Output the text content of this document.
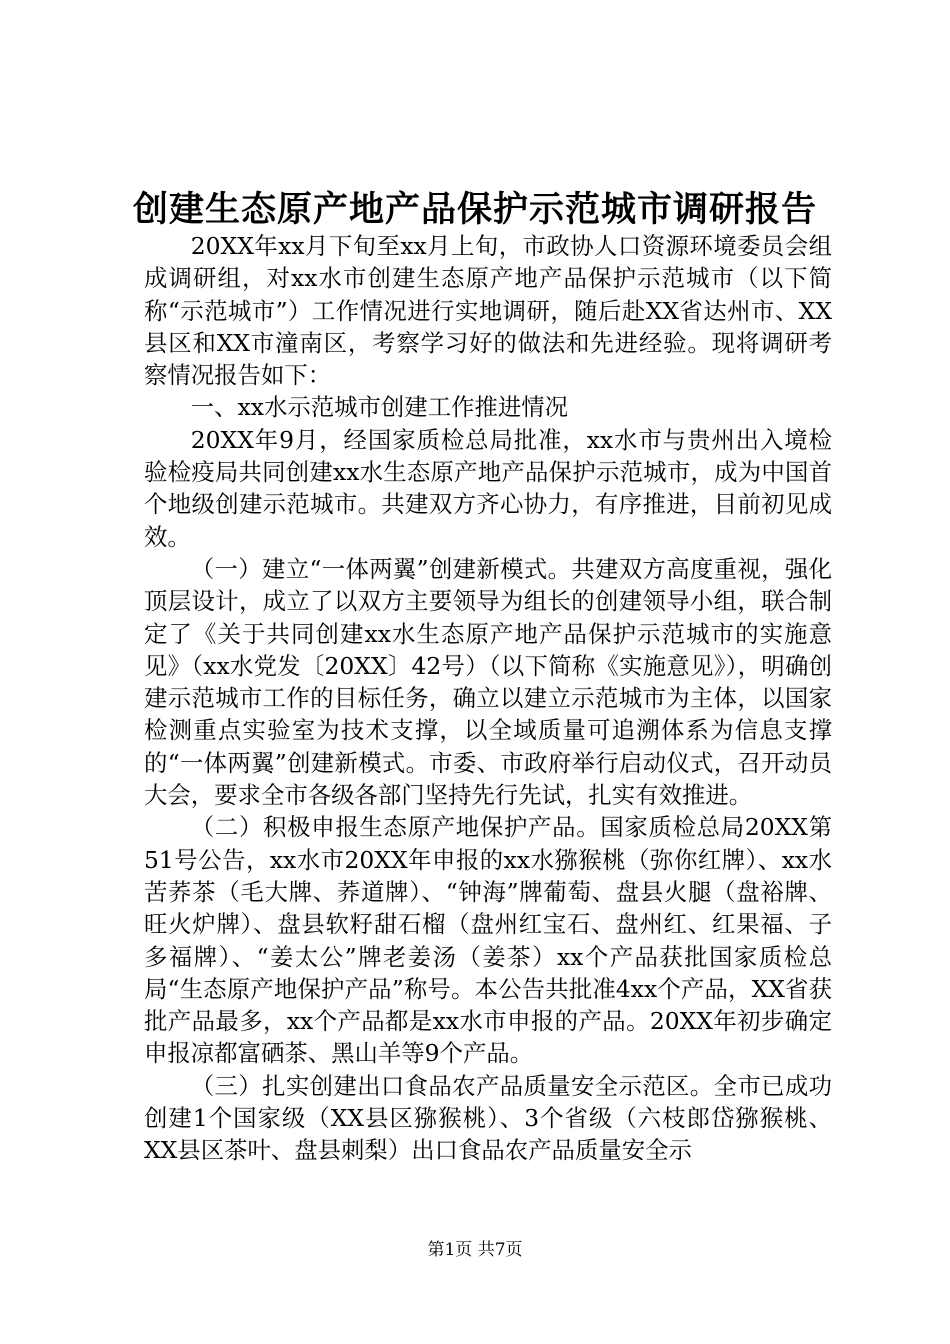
创建生态原产地产品保护示范城市调研报告

20XX年xx月下旬至xx月上旬，市政协人口资源环境委员会组成调研组，对xx水市创建生态原产地产品保护示范城市（以下简称“示范城市”）工作情况进行实地调研，随后赴XX省达州市、XX县区和XX市潼南区，考察学习好的做法和先进经验。现将调研考察情况报告如下：

一、xx水示范城市创建工作推进情况

20XX年9月，经国家质检总局批准，xx水市与贵州出入境检验检疫局共同创建xx水生态原产地产品保护示范城市，成为中国首个地级创建示范城市。共建双方齐心协力，有序推进，目前初见成效。

（一）建立“一体两翼”创建新模式。共建双方高度重视，强化顶层设计，成立了以双方主要领导为组长的创建领导小组，联合制定了《关于共同创建xx水生态原产地产品保护示范城市的实施意见》（xx水党发〔20XX〕42号）（以下简称《实施意见》），明确创建示范城市工作的目标任务，确立以建立示范城市为主体，以国家检测重点实验室为技术支撑，以全域质量可追溯体系为信息支撑的“一体两翼”创建新模式。市委、市政府举行启动仪式，召开动员大会，要求全市各级各部门坚持先行先试，扎实有效推进。

（二）积极申报生态原产地保护产品。国家质检总局20XX第51号公告，xx水市20XX年申报的xx水猕猴桃（弥你红牌）、xx水苦荞茶（毛大牌、荞道牌）、“钟海”牌葡萄、盘县火腿（盘裕牌、旺火炉牌）、盘县软籽甜石榴（盘州红宝石、盘州红、红果福、子多福牌）、“姜太公”牌老姜汤（姜茶）xx个产品获批国家质检总局“生态原产地保护产品”称号。本公告共批准4xx个产品，XX省获批产品最多，xx个产品都是xx水市申报的产品。20XX年初步确定申报凉都富硒茶、黑山羊等9个产品。

（三）扎实创建出口食品农产品质量安全示范区。全市已成功创建1个国家级（XX县区猕猴桃）、3个省级（六枝郎岱猕猴桃、XX县区茶叶、盘县刺梨）出口食品农产品质量安全示

第1页 共7页
